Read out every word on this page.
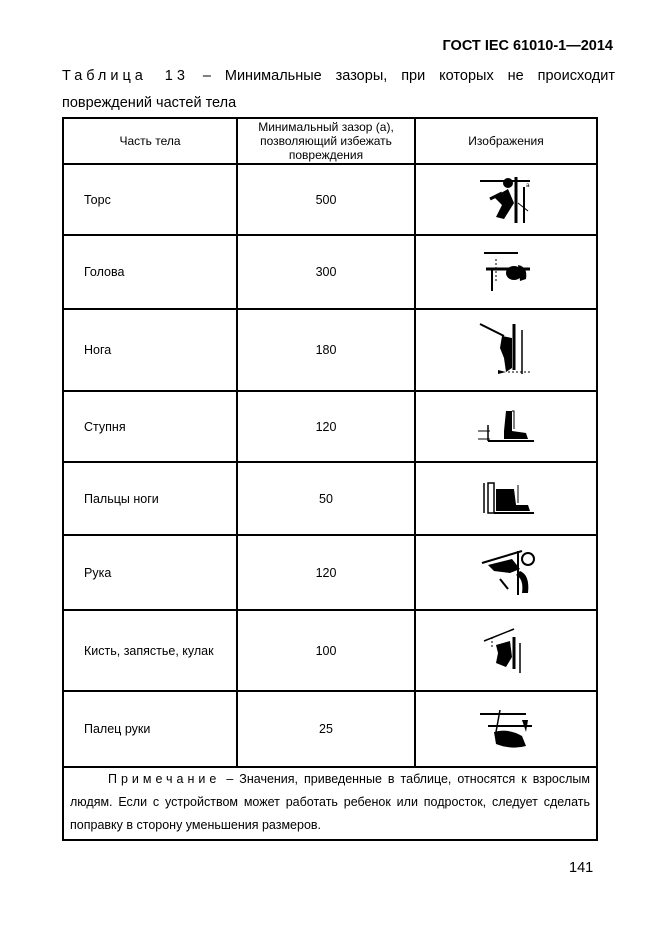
ГОСТ IEC 61010-1—2014
Таблица 13 – Минимальные зазоры, при которых не происходит повреждений частей тела
Часть тела	Минимальный зазор (а), позволяющий избежать повреждения	Изображения
Торс	500	a

Голова	300	

Нога	180	

Ступня	120	

Пальцы ноги	50	

Рука	120	

Кисть, запястье, кулак	100	

Палец руки	25	

Примечание – Значения, приведенные в таблице, относятся к взрослым людям. Если с устройством может работать ребенок или подросток, следует сделать поправку в сторону уменьшения размеров.		
141
